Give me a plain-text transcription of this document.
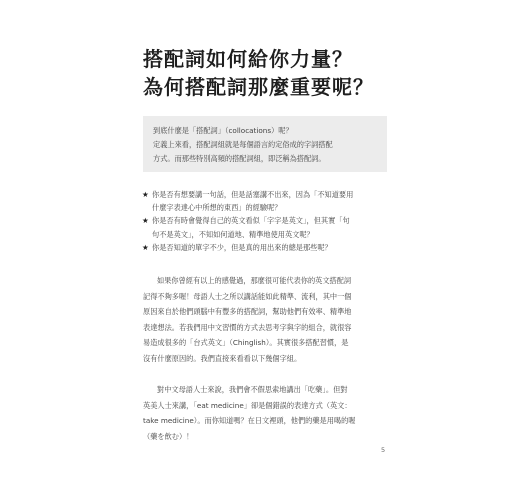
搭配詞如何給你力量？
為何搭配詞那麼重要呢？

到底什麼是「搭配詞」（collocations）呢？

定義上來看，搭配詞組就是每個語言約定俗成的字詞搭配

方式。而那些特別高頻的搭配詞組，即泛稱為搭配詞。

★ 你是否有想要講一句話，但是話塞講不出來，因為「不知道要用
什麼字表達心中所想的東西」的經驗呢？
★ 你是否有時會覺得自己的英文看似「字字是英文」，但其實「句
句不是英文」，不知如何道地、精準地使用英文呢？
★ 你是否知道的單字不少，但是真的用出來的總是那些呢？
如果你曾經有以上的感覺過，那麼很可能代表你的英文搭配詞
記得不夠多喔！母語人士之所以講話能如此精準、流利，其中一個
原因來自於他們頭腦中有豐多的搭配詞，幫助他們有效率、精準地
表達想法。若我們用中文習慣的方式去思考字與字的組合，就很容
易造成很多的「台式英文」（Chinglish）。其實很多搭配習慣，是
沒有什麼原因的。我們直接來看看以下幾個字組。
對中文母語人士來說，我們會不假思索地講出「吃藥」。但對
英美人士來講，「eat medicine」卻是個錯誤的表達方式（英文：
take medicine）。而你知道嗎？在日文裡頭，他們的藥是用喝的喔
（藥を飲む）！
5
